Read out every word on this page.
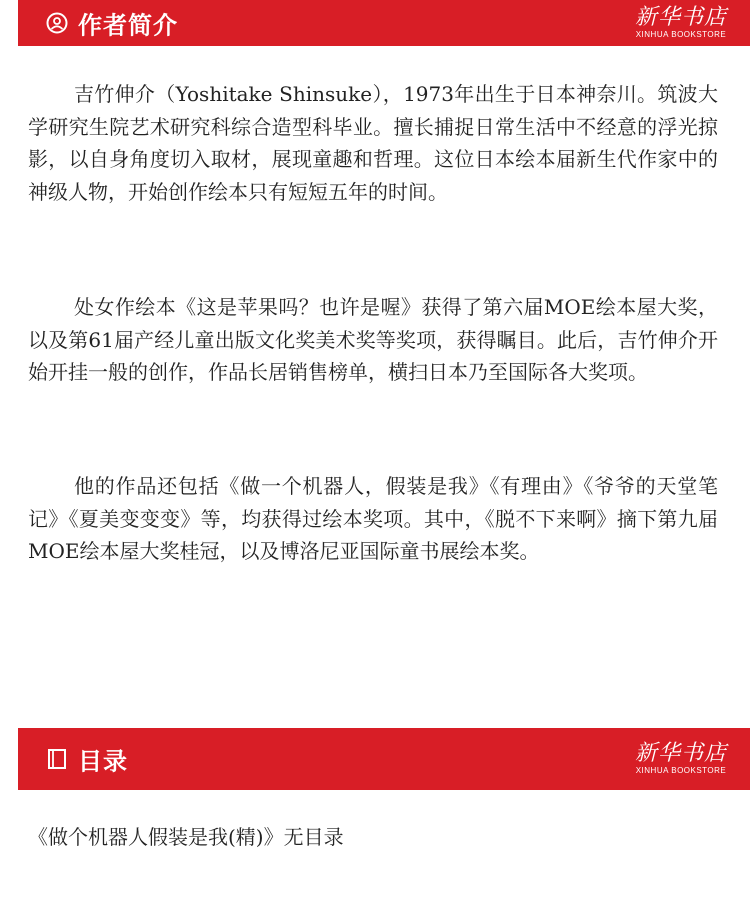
作者简介	新华书店
XINHUA BOOKSTORE

吉竹伸介（Yoshitake Shinsuke），1973年出生于日本神奈川。筑波大学研究生院艺术研究科综合造型科毕业。擅长捕捉日常生活中不经意的浮光掠影，以自身角度切入取材，展现童趣和哲理。这位日本绘本届新生代作家中的神级人物，开始创作绘本只有短短五年的时间。

处女作绘本《这是苹果吗？也许是喔》获得了第六届MOE绘本屋大奖，以及第61届产经儿童出版文化奖美术奖等奖项，获得瞩目。此后，吉竹伸介开始开挂一般的创作，作品长居销售榜单，横扫日本乃至国际各大奖项。

他的作品还包括《做一个机器人，假装是我》《有理由》《爷爷的天堂笔记》《夏美变变变》等，均获得过绘本奖项。其中，《脱不下来啊》摘下第九届MOE绘本屋大奖桂冠，以及博洛尼亚国际童书展绘本奖。

目录	新华书店
XINHUA BOOKSTORE

《做个机器人假装是我(精)》无目录
